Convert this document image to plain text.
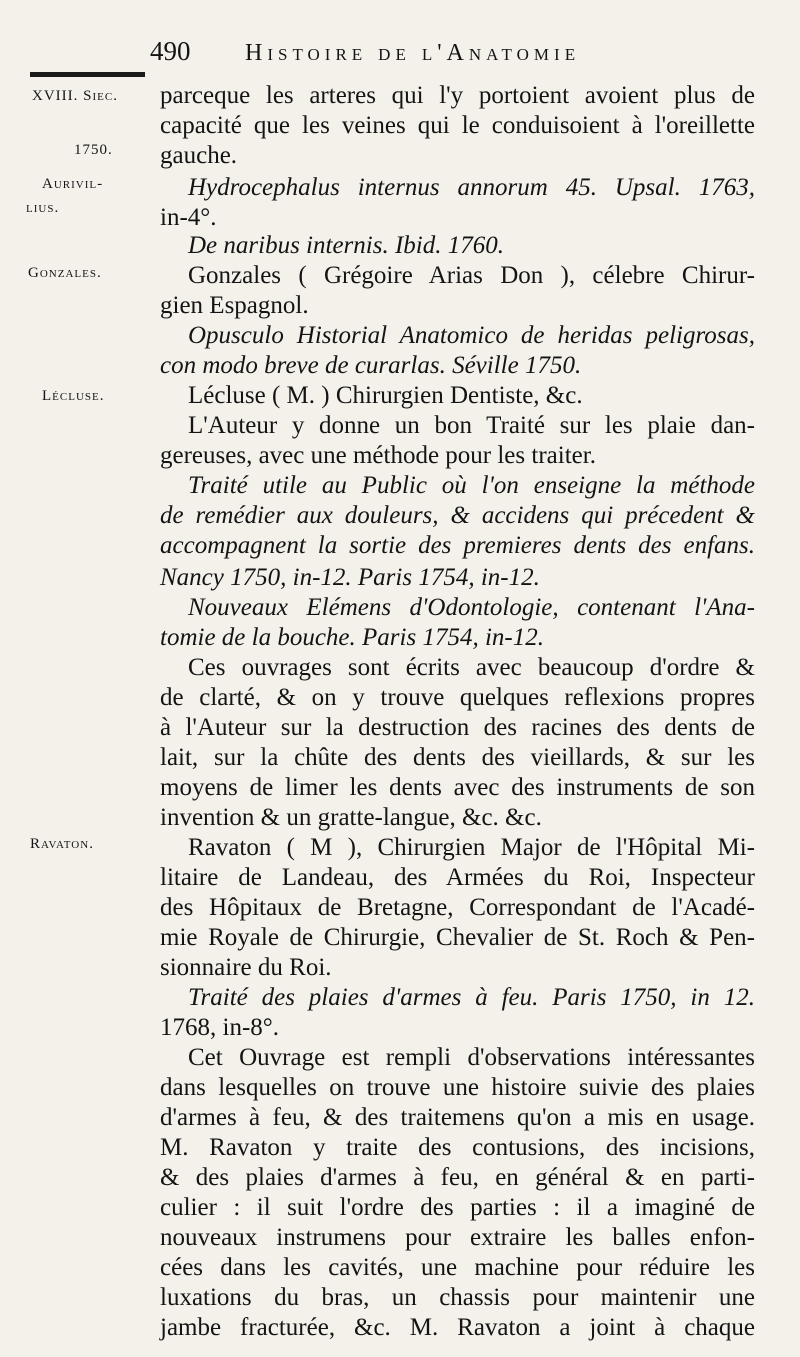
490 Histoire de l'Anatomie
XVIII. Siec.
1750.
Aurivil-
lius.
Gonzales.
Lécluse.
Ravaton.
parceque les arteres qui l'y portoient avoient plus de
capacité que les veines qui le conduisoient à l'oreillette
gauche.
Hydrocephalus internus annorum 45. Upsal. 1763,
in-4°.
De naribus internis. Ibid. 1760.
Gonzales ( Grégoire Arias Don ), célebre Chirur-
gien Espagnol.
Opusculo Historial Anatomico de heridas peligrosas,
con modo breve de curarlas. Séville 1750.
Lécluse ( M. ) Chirurgien Dentiste, &c.
L'Auteur y donne un bon Traité sur les plaie dan-
gereuses, avec une méthode pour les traiter.
Traité utile au Public où l'on enseigne la méthode
de remédier aux douleurs, & accidens qui précedent &
accompagnent la sortie des premieres dents des enfans.
Nancy 1750, in-12. Paris 1754, in-12.
Nouveaux Elémens d'Odontologie, contenant l'Ana-
tomie de la bouche. Paris 1754, in-12.
Ces ouvrages sont écrits avec beaucoup d'ordre &
de clarté, & on y trouve quelques reflexions propres
à l'Auteur sur la destruction des racines des dents de
lait, sur la chûte des dents des vieillards, & sur les
moyens de limer les dents avec des instruments de son
invention & un gratte-langue, &c. &c.
Ravaton ( M ), Chirurgien Major de l'Hôpital Mi-
litaire de Landeau, des Armées du Roi, Inspecteur
des Hôpitaux de Bretagne, Correspondant de l'Acadé-
mie Royale de Chirurgie, Chevalier de St. Roch & Pen-
sionnaire du Roi.
Traité des plaies d'armes à feu. Paris 1750, in 12.
1768, in-8°.
Cet Ouvrage est rempli d'observations intéressantes
dans lesquelles on trouve une histoire suivie des plaies
d'armes à feu, & des traitemens qu'on a mis en usage.
M. Ravaton y traite des contusions, des incisions,
& des plaies d'armes à feu, en général & en parti-
culier : il suit l'ordre des parties : il a imaginé de
nouveaux instrumens pour extraire les balles enfon-
cées dans les cavités, une machine pour réduire les
luxations du bras, un chassis pour maintenir une
jambe fracturée, &c. M. Ravaton a joint à chaque
